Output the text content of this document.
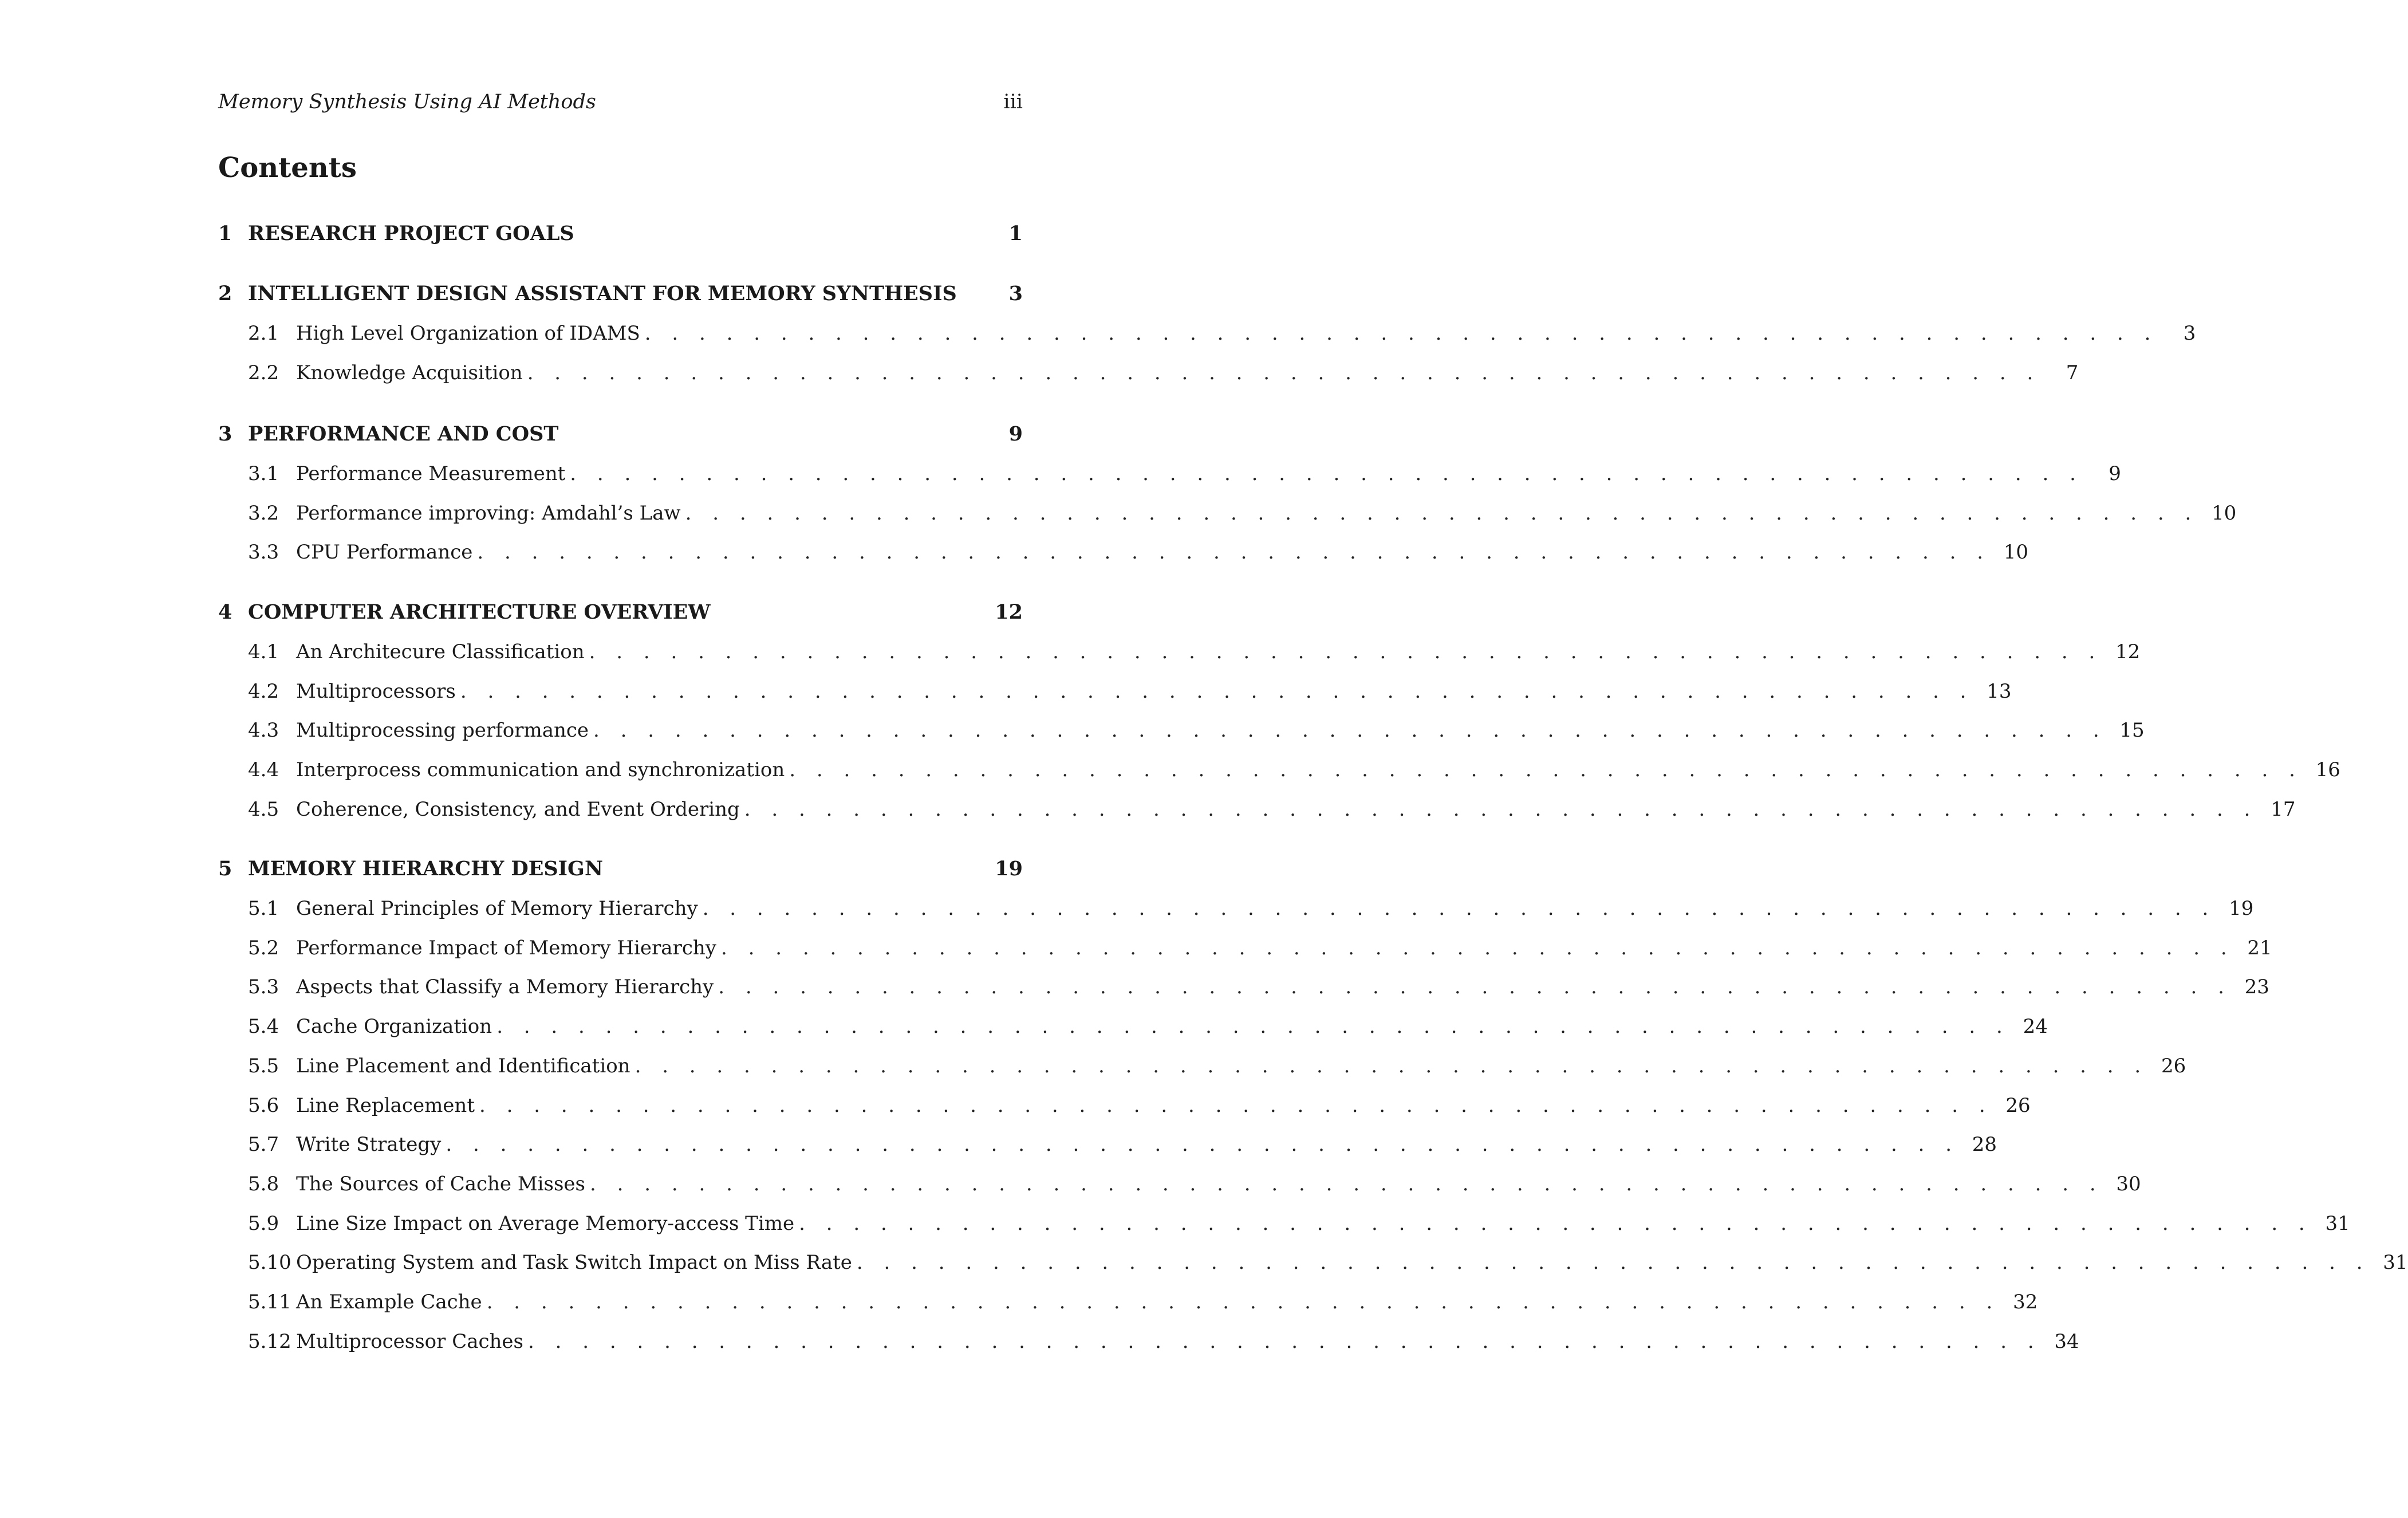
Memory Synthesis Using AI Methods	iii
Contents
1 RESEARCH PROJECT GOALS	1
2 INTELLIGENT DESIGN ASSISTANT FOR MEMORY SYNTHESIS	3
2.1 High Level Organization of IDAMS . . . . . . . . . . . . . . . . . . . . . . . . . . . . . . . . . . . . . . . . . . . . . . . . . . . . . . . .	3
2.2 Knowledge Acquisition . . . . . . . . . . . . . . . . . . . . . . . . . . . . . . . . . . . . . . . . . . . . . . . . . . . . . . . .	7
3 PERFORMANCE AND COST	9
3.1 Performance Measurement . . . . . . . . . . . . . . . . . . . . . . . . . . . . . . . . . . . . . . . . . . . . . . . . . . . . . . . .	9
3.2 Performance improving: Amdahl’s Law . . . . . . . . . . . . . . . . . . . . . . . . . . . . . . . . . . . . . . . . . . . . . . . . . . . . . . . . 10
3.3 CPU Performance . . . . . . . . . . . . . . . . . . . . . . . . . . . . . . . . . . . . . . . . . . . . . . . . . . . . . . . . 10
4 COMPUTER ARCHITECTURE OVERVIEW	12
4.1 An Architecure Classification . . . . . . . . . . . . . . . . . . . . . . . . . . . . . . . . . . . . . . . . . . . . . . . . . . . . . . . . 12
4.2 Multiprocessors . . . . . . . . . . . . . . . . . . . . . . . . . . . . . . . . . . . . . . . . . . . . . . . . . . . . . . . . 13
4.3 Multiprocessing performance . . . . . . . . . . . . . . . . . . . . . . . . . . . . . . . . . . . . . . . . . . . . . . . . . . . . . . . . 15
4.4 Interprocess communication and synchronization . . . . . . . . . . . . . . . . . . . . . . . . . . . . . . . . . . . . . . . . . . . . . . . . . . . . . . . . 16
4.5 Coherence, Consistency, and Event Ordering . . . . . . . . . . . . . . . . . . . . . . . . . . . . . . . . . . . . . . . . . . . . . . . . . . . . . . . . 17
5 MEMORY HIERARCHY DESIGN	19
5.1 General Principles of Memory Hierarchy . . . . . . . . . . . . . . . . . . . . . . . . . . . . . . . . . . . . . . . . . . . . . . . . . . . . . . . . 19
5.2 Performance Impact of Memory Hierarchy . . . . . . . . . . . . . . . . . . . . . . . . . . . . . . . . . . . . . . . . . . . . . . . . . . . . . . . . 21
5.3 Aspects that Classify a Memory Hierarchy . . . . . . . . . . . . . . . . . . . . . . . . . . . . . . . . . . . . . . . . . . . . . . . . . . . . . . . . 23
5.4 Cache Organization . . . . . . . . . . . . . . . . . . . . . . . . . . . . . . . . . . . . . . . . . . . . . . . . . . . . . . . . 24
5.5 Line Placement and Identification . . . . . . . . . . . . . . . . . . . . . . . . . . . . . . . . . . . . . . . . . . . . . . . . . . . . . . . . 26
5.6 Line Replacement . . . . . . . . . . . . . . . . . . . . . . . . . . . . . . . . . . . . . . . . . . . . . . . . . . . . . . . . 26
5.7 Write Strategy . . . . . . . . . . . . . . . . . . . . . . . . . . . . . . . . . . . . . . . . . . . . . . . . . . . . . . . . 28
5.8 The Sources of Cache Misses . . . . . . . . . . . . . . . . . . . . . . . . . . . . . . . . . . . . . . . . . . . . . . . . . . . . . . . . 30
5.9 Line Size Impact on Average Memory-access Time . . . . . . . . . . . . . . . . . . . . . . . . . . . . . . . . . . . . . . . . . . . . . . . . . . . . . . . . 31
5.10 Operating System and Task Switch Impact on Miss Rate . . . . . . . . . . . . . . . . . . . . . . . . . . . . . . . . . . . . . . . . . . . . . . . . . . . . . . . . 31
5.11 An Example Cache . . . . . . . . . . . . . . . . . . . . . . . . . . . . . . . . . . . . . . . . . . . . . . . . . . . . . . . . 32
5.12 Multiprocessor Caches . . . . . . . . . . . . . . . . . . . . . . . . . . . . . . . . . . . . . . . . . . . . . . . . . . . . . . . . 34
